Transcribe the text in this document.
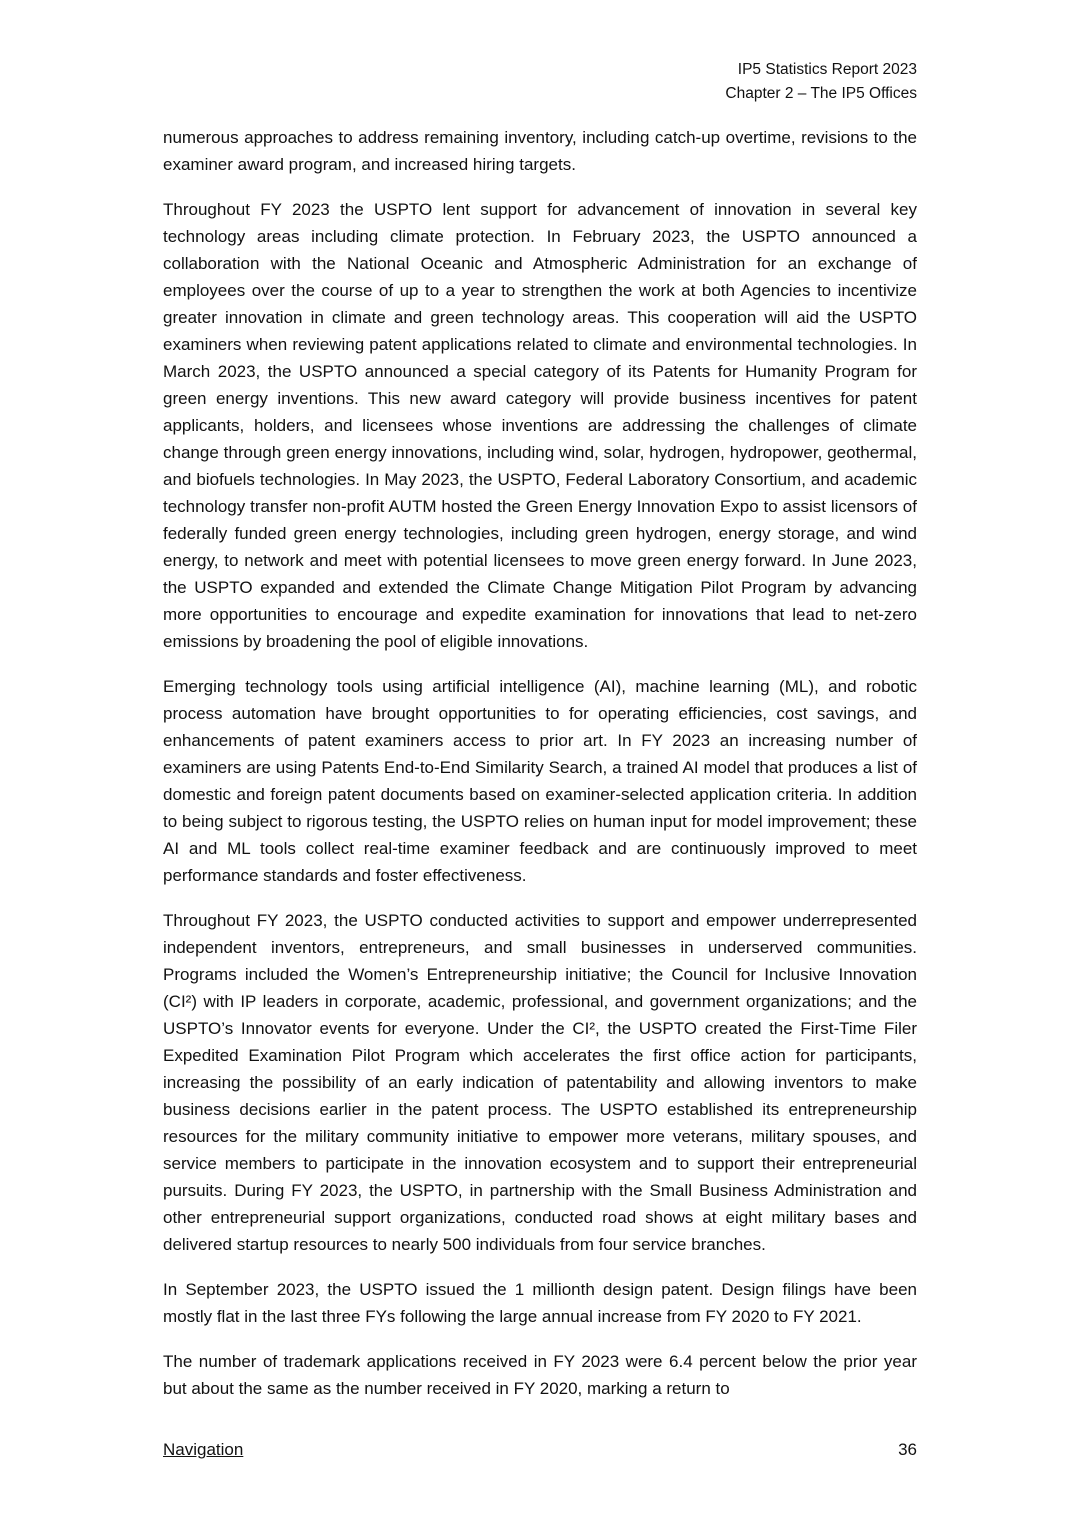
IP5 Statistics Report 2023
Chapter 2 – The IP5 Offices

numerous approaches to address remaining inventory, including catch-up overtime, revisions to the examiner award program, and increased hiring targets.

Throughout FY 2023 the USPTO lent support for advancement of innovation in several key technology areas including climate protection. In February 2023, the USPTO announced a collaboration with the National Oceanic and Atmospheric Administration for an exchange of employees over the course of up to a year to strengthen the work at both Agencies to incentivize greater innovation in climate and green technology areas. This cooperation will aid the USPTO examiners when reviewing patent applications related to climate and environmental technologies. In March 2023, the USPTO announced a special category of its Patents for Humanity Program for green energy inventions. This new award category will provide business incentives for patent applicants, holders, and licensees whose inventions are addressing the challenges of climate change through green energy innovations, including wind, solar, hydrogen, hydropower, geothermal, and biofuels technologies. In May 2023, the USPTO, Federal Laboratory Consortium, and academic technology transfer non-profit AUTM hosted the Green Energy Innovation Expo to assist licensors of federally funded green energy technologies, including green hydrogen, energy storage, and wind energy, to network and meet with potential licensees to move green energy forward. In June 2023, the USPTO expanded and extended the Climate Change Mitigation Pilot Program by advancing more opportunities to encourage and expedite examination for innovations that lead to net-zero emissions by broadening the pool of eligible innovations.

Emerging technology tools using artificial intelligence (AI), machine learning (ML), and robotic process automation have brought opportunities to for operating efficiencies, cost savings, and enhancements of patent examiners access to prior art. In FY 2023 an increasing number of examiners are using Patents End-to-End Similarity Search, a trained AI model that produces a list of domestic and foreign patent documents based on examiner-selected application criteria. In addition to being subject to rigorous testing, the USPTO relies on human input for model improvement; these AI and ML tools collect real-time examiner feedback and are continuously improved to meet performance standards and foster effectiveness.

Throughout FY 2023, the USPTO conducted activities to support and empower underrepresented independent inventors, entrepreneurs, and small businesses in underserved communities. Programs included the Women’s Entrepreneurship initiative; the Council for Inclusive Innovation (CI²) with IP leaders in corporate, academic, professional, and government organizations; and the USPTO’s Innovator events for everyone. Under the CI², the USPTO created the First-Time Filer Expedited Examination Pilot Program which accelerates the first office action for participants, increasing the possibility of an early indication of patentability and allowing inventors to make business decisions earlier in the patent process. The USPTO established its entrepreneurship resources for the military community initiative to empower more veterans, military spouses, and service members to participate in the innovation ecosystem and to support their entrepreneurial pursuits. During FY 2023, the USPTO, in partnership with the Small Business Administration and other entrepreneurial support organizations, conducted road shows at eight military bases and delivered startup resources to nearly 500 individuals from four service branches.

In September 2023, the USPTO issued the 1 millionth design patent. Design filings have been mostly flat in the last three FYs following the large annual increase from FY 2020 to FY 2021.

The number of trademark applications received in FY 2023 were 6.4 percent below the prior year but about the same as the number received in FY 2020, marking a return to

Navigation	36
